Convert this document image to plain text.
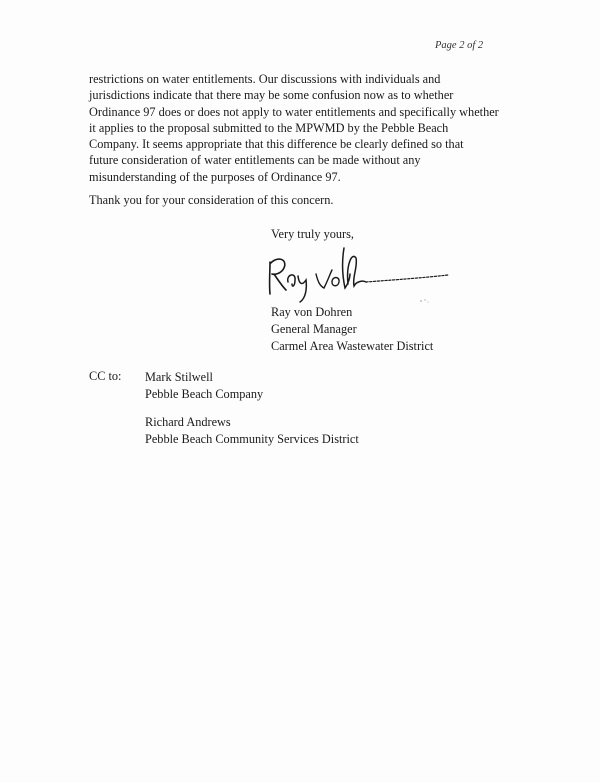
Page 2 of 2
restrictions on water entitlements. Our discussions with individuals and
jurisdictions indicate that there may be some confusion now as to whether
Ordinance 97 does or does not apply to water entitlements and specifically whether
it applies to the proposal submitted to the MPWMD by the Pebble Beach
Company. It seems appropriate that this difference be clearly defined so that
future consideration of water entitlements can be made without any
misunderstanding of the purposes of Ordinance 97.
Thank you for your consideration of this concern.
Very truly yours,
Ray von Dohren
General Manager
Carmel Area Wastewater District
CC to: Mark Stilwell
Pebble Beach Company
Richard Andrews
Pebble Beach Community Services District
